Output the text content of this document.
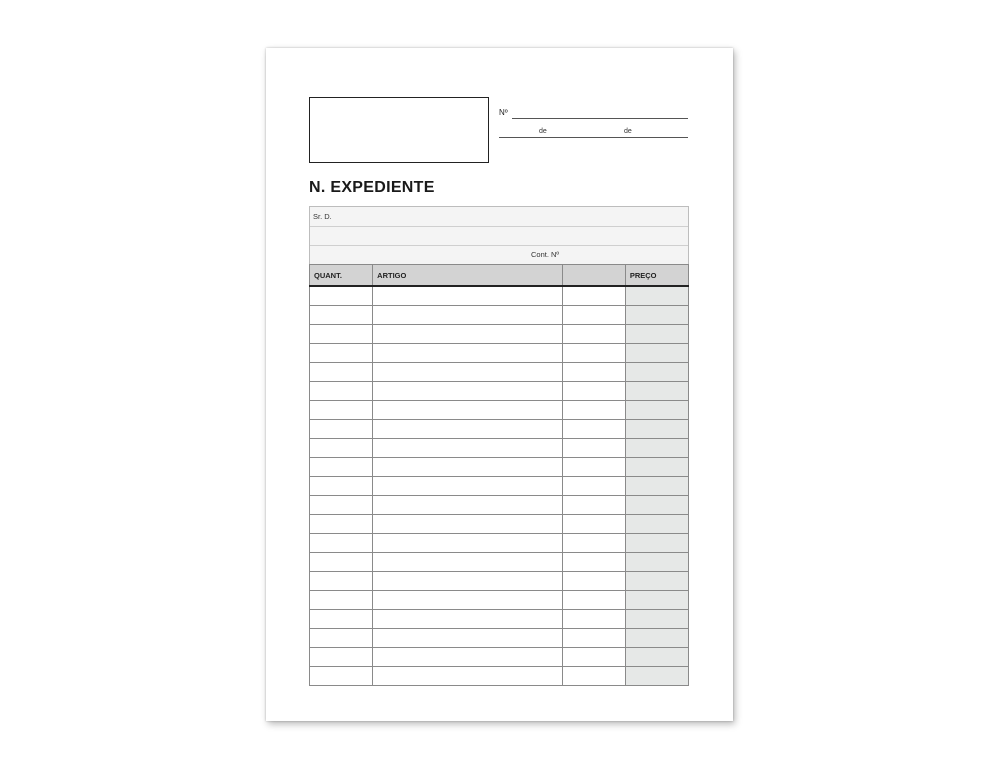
Nº
de	de
N. EXPEDIENTE
Sr. D.
Cont. Nº
QUANT.	ARTIGO		PREÇO
